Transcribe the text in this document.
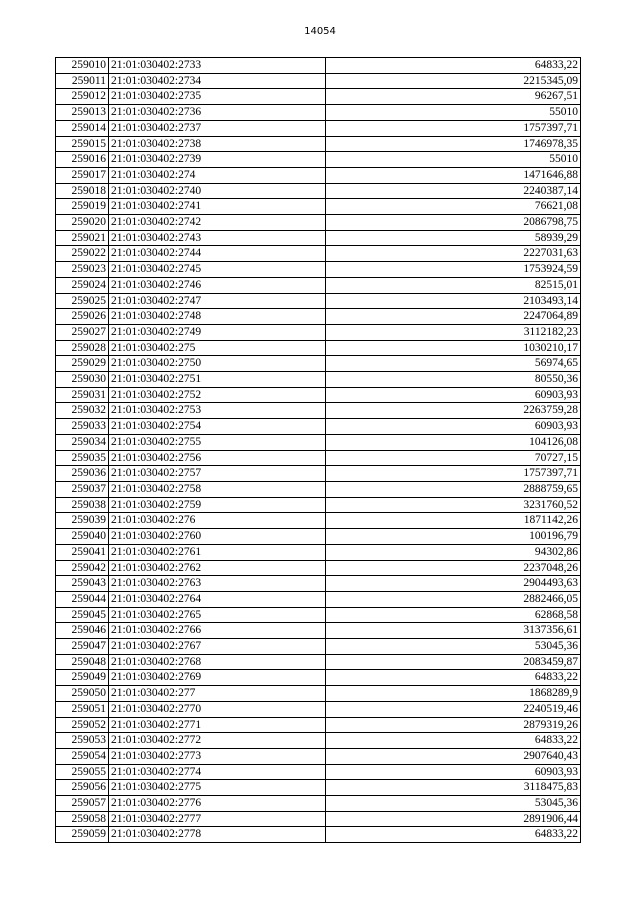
14054
259010	21:01:030402:2733	64833,22
259011	21:01:030402:2734	2215345,09
259012	21:01:030402:2735	96267,51
259013	21:01:030402:2736	55010
259014	21:01:030402:2737	1757397,71
259015	21:01:030402:2738	1746978,35
259016	21:01:030402:2739	55010
259017	21:01:030402:274	1471646,88
259018	21:01:030402:2740	2240387,14
259019	21:01:030402:2741	76621,08
259020	21:01:030402:2742	2086798,75
259021	21:01:030402:2743	58939,29
259022	21:01:030402:2744	2227031,63
259023	21:01:030402:2745	1753924,59
259024	21:01:030402:2746	82515,01
259025	21:01:030402:2747	2103493,14
259026	21:01:030402:2748	2247064,89
259027	21:01:030402:2749	3112182,23
259028	21:01:030402:275	1030210,17
259029	21:01:030402:2750	56974,65
259030	21:01:030402:2751	80550,36
259031	21:01:030402:2752	60903,93
259032	21:01:030402:2753	2263759,28
259033	21:01:030402:2754	60903,93
259034	21:01:030402:2755	104126,08
259035	21:01:030402:2756	70727,15
259036	21:01:030402:2757	1757397,71
259037	21:01:030402:2758	2888759,65
259038	21:01:030402:2759	3231760,52
259039	21:01:030402:276	1871142,26
259040	21:01:030402:2760	100196,79
259041	21:01:030402:2761	94302,86
259042	21:01:030402:2762	2237048,26
259043	21:01:030402:2763	2904493,63
259044	21:01:030402:2764	2882466,05
259045	21:01:030402:2765	62868,58
259046	21:01:030402:2766	3137356,61
259047	21:01:030402:2767	53045,36
259048	21:01:030402:2768	2083459,87
259049	21:01:030402:2769	64833,22
259050	21:01:030402:277	1868289,9
259051	21:01:030402:2770	2240519,46
259052	21:01:030402:2771	2879319,26
259053	21:01:030402:2772	64833,22
259054	21:01:030402:2773	2907640,43
259055	21:01:030402:2774	60903,93
259056	21:01:030402:2775	3118475,83
259057	21:01:030402:2776	53045,36
259058	21:01:030402:2777	2891906,44
259059	21:01:030402:2778	64833,22
